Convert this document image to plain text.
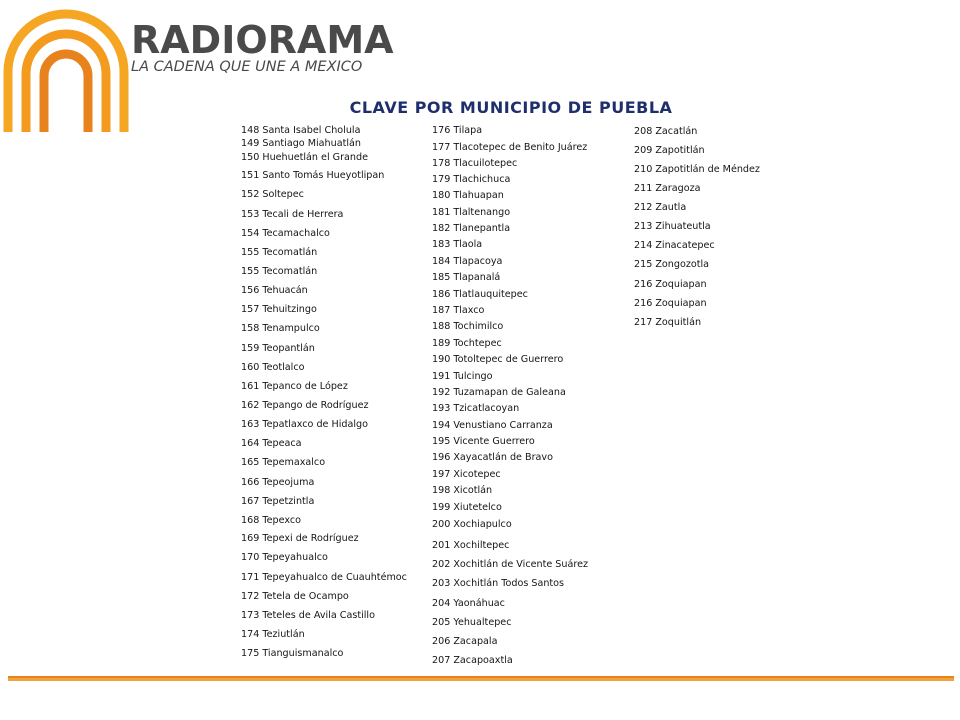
RADIORAMA
LA CADENA QUE UNE A MEXICO
CLAVE POR MUNICIPIO DE PUEBLA
148 Santa Isabel Cholula
149 Santiago Miahuatlán
150 Huehuetlán el Grande
151 Santo Tomás Hueyotlipan
152 Soltepec
153 Tecali de Herrera
154 Tecamachalco
155 Tecomatlán
155 Tecomatlán
156 Tehuacán
157 Tehuitzingo
158 Tenampulco
159 Teopantlán
160 Teotlalco
161 Tepanco de López
162 Tepango de Rodríguez
163 Tepatlaxco de Hidalgo
164 Tepeaca
165 Tepemaxalco
166 Tepeojuma
167 Tepetzintla
168 Tepexco
169 Tepexi de Rodríguez
170 Tepeyahualco
171 Tepeyahualco de Cuauhtémoc
172 Tetela de Ocampo
173 Teteles de Avila Castillo
174 Teziutlán
175 Tianguismanalco
176 Tilapa
177 Tlacotepec de Benito Juárez
178 Tlacuilotepec
179 Tlachichuca
180 Tlahuapan
181 Tlaltenango
182 Tlanepantla
183 Tlaola
184 Tlapacoya
185 Tlapanalá
186 Tlatlauquitepec
187 Tlaxco
188 Tochimilco
189 Tochtepec
190 Totoltepec de Guerrero
191 Tulcingo
192 Tuzamapan de Galeana
193 Tzicatlacoyan
194 Venustiano Carranza
195 Vicente Guerrero
196 Xayacatlán de Bravo
197 Xicotepec
198 Xicotlán
199 Xiutetelco
200 Xochiapulco
201 Xochiltepec
202 Xochitlán de Vicente Suárez
203 Xochitlán Todos Santos
204 Yaonáhuac
205 Yehualtepec
206 Zacapala
207 Zacapoaxtla
208 Zacatlán
209 Zapotitlán
210 Zapotitlán de Méndez
211 Zaragoza
212 Zautla
213 Zihuateutla
214 Zinacatepec
215 Zongozotla
216 Zoquiapan
216 Zoquiapan
217 Zoquitlán
